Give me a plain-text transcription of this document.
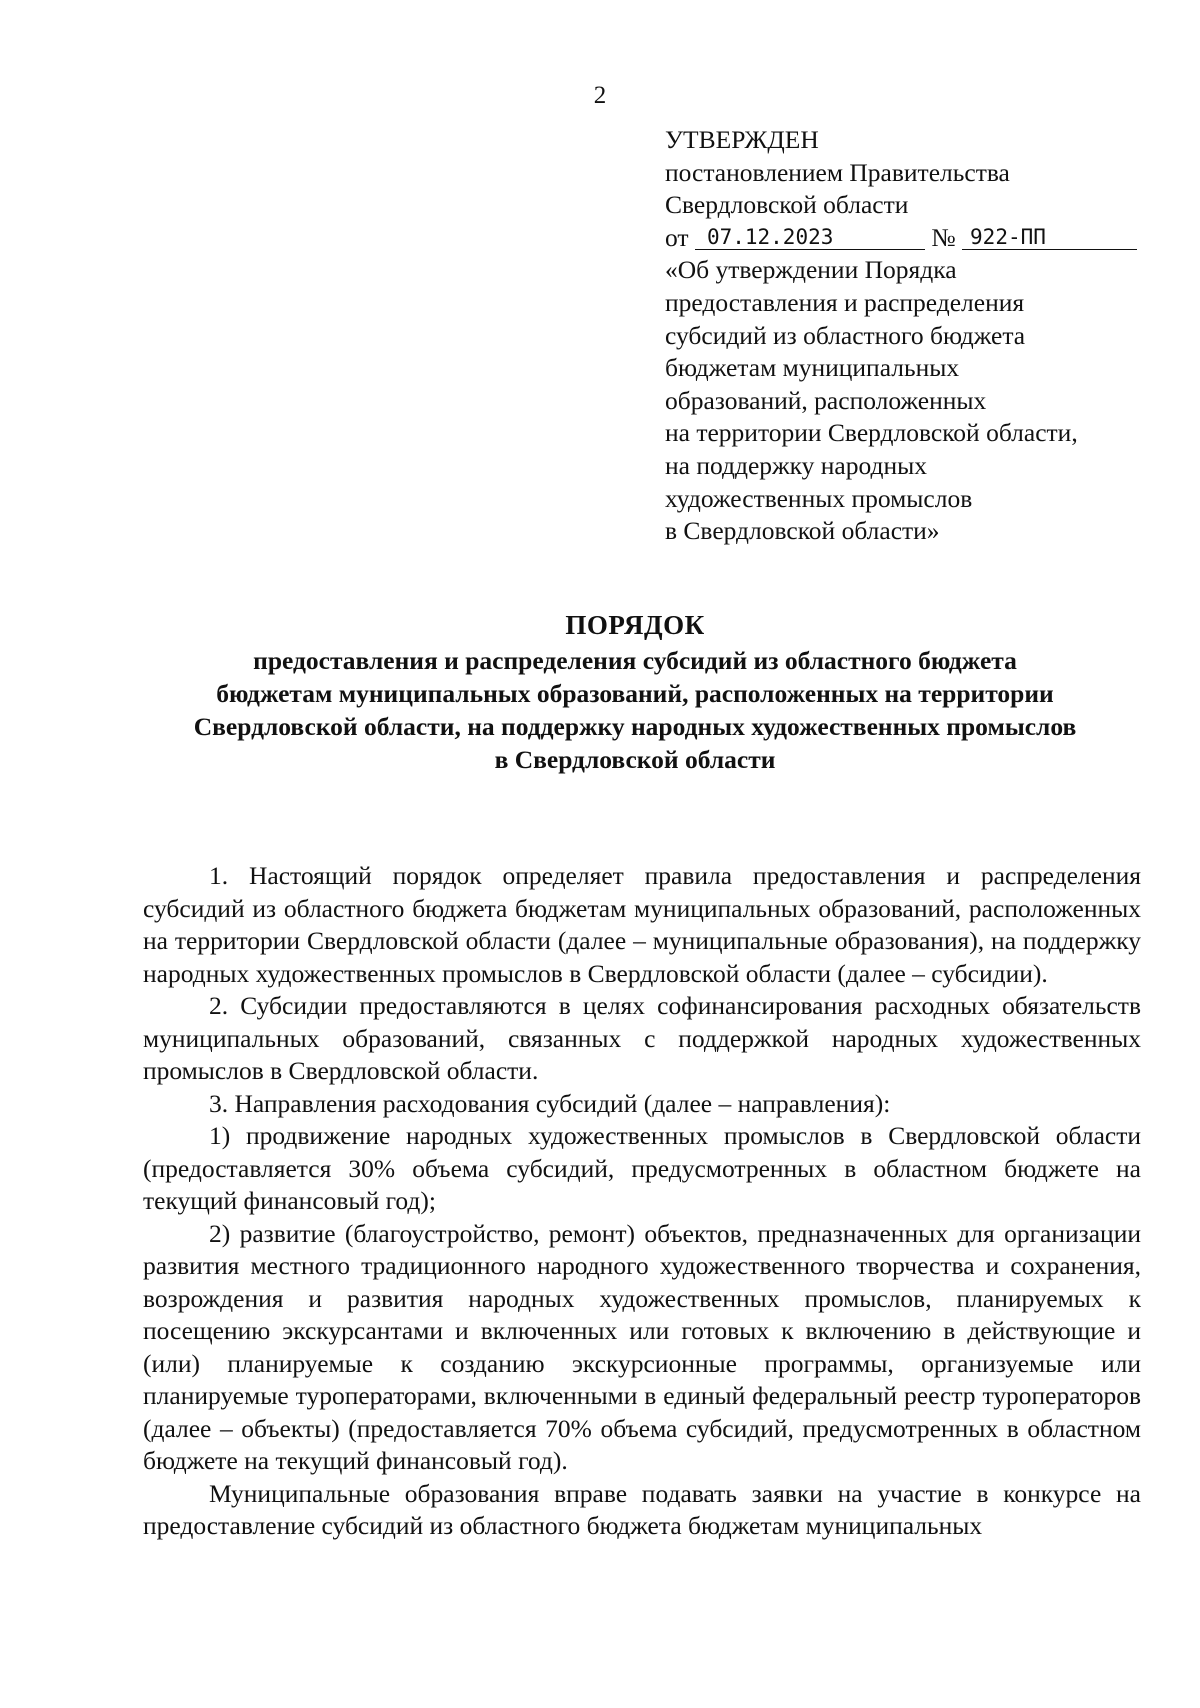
2
УТВЕРЖДЕН
постановлением Правительства
Свердловской области
от 07.12.2023	№ 922-ПП
«Об утверждении Порядка
предоставления и распределения
субсидий из областного бюджета
бюджетам муниципальных
образований, расположенных
на территории Свердловской области,
на поддержку народных
художественных промыслов
в Свердловской области»
ПОРЯДОК
предоставления и распределения субсидий из областного бюджета
бюджетам муниципальных образований, расположенных на территории
Свердловской области, на поддержку народных художественных промыслов
в Свердловской области

1. Настоящий порядок определяет правила предоставления и распределения субсидий из областного бюджета бюджетам муниципальных образований, расположенных на территории Свердловской области (далее – муниципальные образования), на поддержку народных художественных промыслов в Свердловской области (далее – субсидии).

2. Субсидии предоставляются в целях софинансирования расходных обязательств муниципальных образований, связанных с поддержкой народных художественных промыслов в Свердловской области.

3. Направления расходования субсидий (далее – направления):

1) продвижение народных художественных промыслов в Свердловской области (предоставляется 30% объема субсидий, предусмотренных в областном бюджете на текущий финансовый год);

2) развитие (благоустройство, ремонт) объектов, предназначенных для организации развития местного традиционного народного художественного творчества и сохранения, возрождения и развития народных художественных промыслов, планируемых к посещению экскурсантами и включенных или готовых к включению в действующие и (или) планируемые к созданию экскурсионные программы, организуемые или планируемые туроператорами, включенными в единый федеральный реестр туроператоров (далее – объекты) (предоставляется 70% объема субсидий, предусмотренных в областном бюджете на текущий финансовый год).

Муниципальные образования вправе подавать заявки на участие в конкурсе на предоставление субсидий из областного бюджета бюджетам муниципальных
